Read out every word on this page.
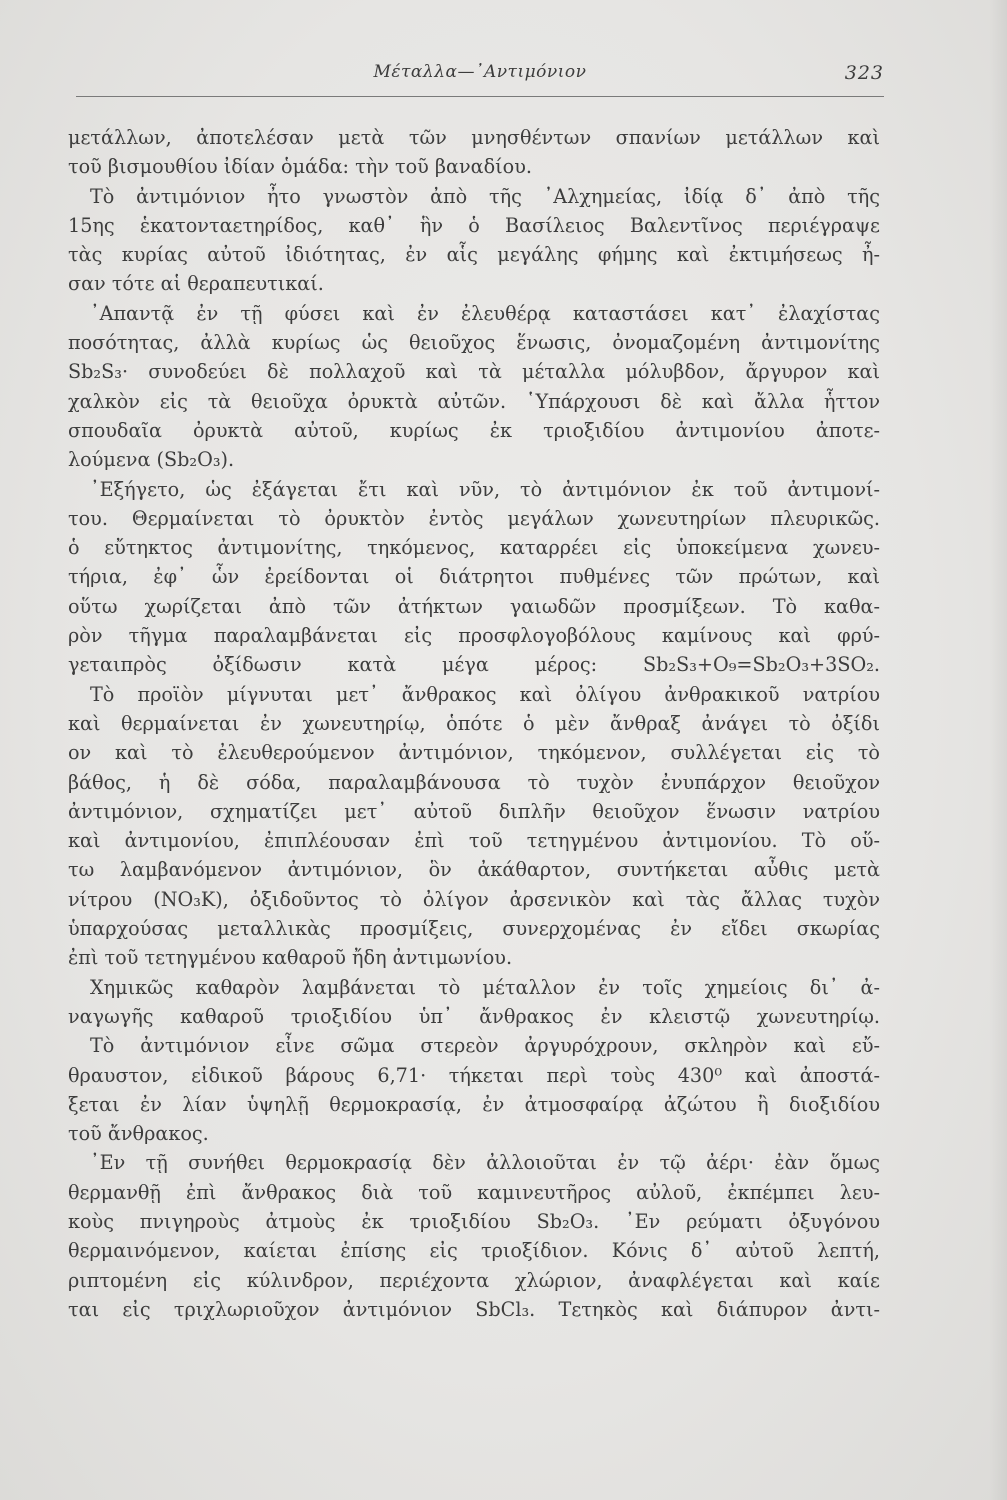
Μέταλλα—᾿Αντιμόνιον	323
μετάλλων, ἀποτελέσαν μετὰ τῶν μνησθέντων σπανίων μετάλλων καὶ
τοῦ βισμουθίου ἰδίαν ὁμάδα: τὴν τοῦ βαναδίου.
Τὸ ἀντιμόνιον ἦτο γνωστὸν ἀπὸ τῆς ᾿Αλχημείας, ἰδίᾳ δ᾿ ἀπὸ τῆς
15ης ἑκατονταετηρίδος, καθ᾿ ἣν ὁ Βασίλειος Βαλεντῖνος περιέγραψε
τὰς κυρίας αὐτοῦ ἰδιότητας, ἐν αἷς μεγάλης φήμης καὶ ἐκτιμήσεως ἦ-
σαν τότε αἱ θεραπευτικαί.
᾿Απαντᾷ ἐν τῇ φύσει καὶ ἐν ἐλευθέρᾳ καταστάσει κατ᾿ ἐλαχίστας
ποσότητας, ἀλλὰ κυρίως ὡς θειοῦχος ἕνωσις, ὀνομαζομένη ἀντιμονίτης
Sb₂S₃· συνοδεύει δὲ πολλαχοῦ καὶ τὰ μέταλλα μόλυβδον, ἄργυρον καὶ
χαλκὸν εἰς τὰ θειοῦχα ὀρυκτὰ αὐτῶν. ῾Υπάρχουσι δὲ καὶ ἄλλα ἧττον
σπουδαῖα ὀρυκτὰ αὐτοῦ, κυρίως ἐκ τριοξιδίου ἀντιμονίου ἀποτε-
λούμενα (Sb₂O₃).
᾿Εξήγετο, ὡς ἐξάγεται ἔτι καὶ νῦν, τὸ ἀντιμόνιον ἐκ τοῦ ἀντιμονί-
του. Θερμαίνεται τὸ ὀρυκτὸν ἐντὸς μεγάλων χωνευτηρίων πλευρικῶς.
ὁ εὔτηκτος ἀντιμονίτης, τηκόμενος, καταρρέει εἰς ὑποκείμενα χωνευ-
τήρια, ἐφ᾿ ὧν ἐρείδονται οἱ διάτρητοι πυθμένες τῶν πρώτων, καὶ
οὕτω χωρίζεται ἀπὸ τῶν ἀτήκτων γαιωδῶν προσμίξεων. Τὸ καθα-
ρὸν τῆγμα παραλαμβάνεται εἰς προσφλογοβόλους καμίνους καὶ φρύ-
γεταιπρὸς ὀξίδωσιν κατὰ μέγα μέρος: Sb₂S₃+O₉=Sb₂O₃+3SO₂.
Τὸ προϊὸν μίγνυται μετ᾿ ἄνθρακος καὶ ὀλίγου ἀνθρακικοῦ νατρίου
καὶ θερμαίνεται ἐν χωνευτηρίῳ, ὁπότε ὁ μὲν ἄνθραξ ἀνάγει τὸ ὀξίδι
ον καὶ τὸ ἐλευθερούμενον ἀντιμόνιον, τηκόμενον, συλλέγεται εἰς τὸ
βάθος, ἡ δὲ σόδα, παραλαμβάνουσα τὸ τυχὸν ἐνυπάρχον θειοῦχον
ἀντιμόνιον, σχηματίζει μετ᾿ αὐτοῦ διπλῆν θειοῦχον ἕνωσιν νατρίου
καὶ ἀντιμονίου, ἐπιπλέουσαν ἐπὶ τοῦ τετηγμένου ἀντιμονίου. Τὸ οὕ-
τω λαμβανόμενον ἀντιμόνιον, ὃν ἀκάθαρτον, συντήκεται αὖθις μετὰ
νίτρου (NO₃K), ὀξιδοῦντος τὸ ὀλίγον ἀρσενικὸν καὶ τὰς ἄλλας τυχὸν
ὑπαρχούσας μεταλλικὰς προσμίξεις, συνερχομένας ἐν εἴδει σκωρίας
ἐπὶ τοῦ τετηγμένου καθαροῦ ἤδη ἀντιμωνίου.
Χημικῶς καθαρὸν λαμβάνεται τὸ μέταλλον ἐν τοῖς χημείοις δι᾿ ἀ-
ναγωγῆς καθαροῦ τριοξιδίου ὑπ᾿ ἄνθρακος ἐν κλειστῷ χωνευτηρίῳ.
Τὸ ἀντιμόνιον εἶνε σῶμα στερεὸν ἀργυρόχρουν, σκληρὸν καὶ εὔ-
θραυστον, εἰδικοῦ βάρους 6,71· τήκεται περὶ τοὺς 430⁰ καὶ ἀποστά-
ξεται ἐν λίαν ὑψηλῇ θερμοκρασίᾳ, ἐν ἀτμοσφαίρᾳ ἀζώτου ἢ διοξιδίου
τοῦ ἄνθρακος.
᾿Εν τῇ συνήθει θερμοκρασίᾳ δὲν ἀλλοιοῦται ἐν τῷ ἀέρι· ἐὰν ὅμως
θερμανθῇ ἐπὶ ἄνθρακος διὰ τοῦ καμινευτῆρος αὐλοῦ, ἐκπέμπει λευ-
κοὺς πνιγηροὺς ἀτμοὺς ἐκ τριοξιδίου Sb₂O₃. ᾿Εν ρεύματι ὀξυγόνου
θερμαινόμενον, καίεται ἐπίσης εἰς τριοξίδιον. Κόνις δ᾿ αὐτοῦ λεπτή,
ριπτομένη εἰς κύλινδρον, περιέχοντα χλώριον, ἀναφλέγεται καὶ καίε
ται εἰς τριχλωριοῦχον ἀντιμόνιον SbCl₃. Τετηκὸς καὶ διάπυρον ἀντι-
